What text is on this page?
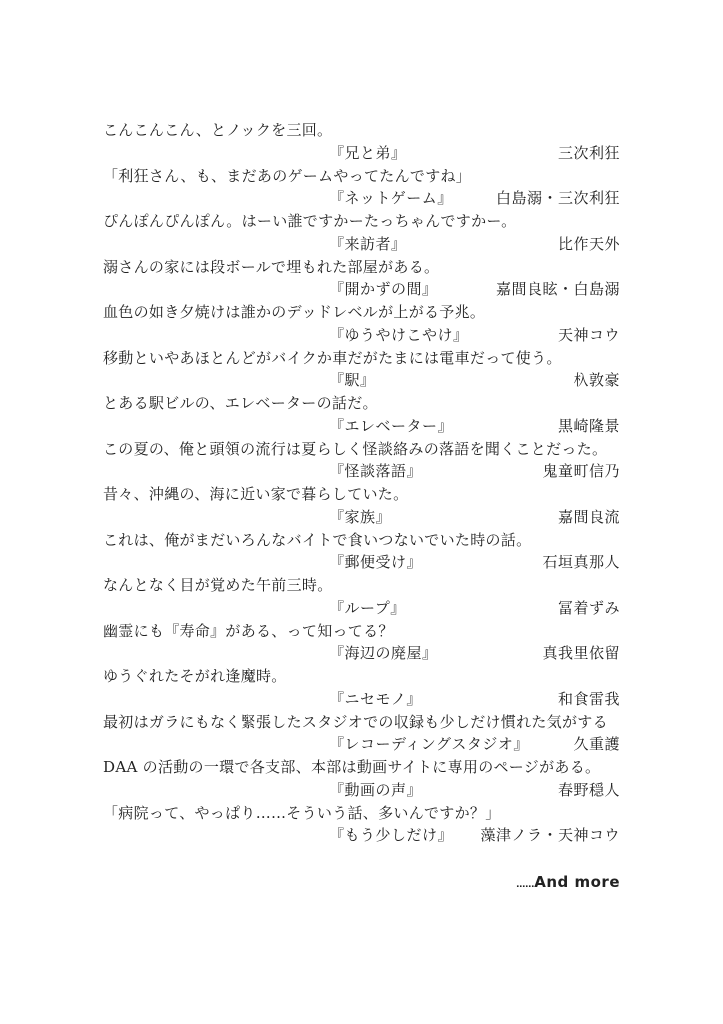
こんこんこん、とノックを三回。
『兄と弟』	三次利狂
「利狂さん、も、まだあのゲームやってたんですね」
『ネットゲーム』	白島溺・三次利狂
ぴんぽんぴんぽん。はーい誰ですかーたっちゃんですかー。
『来訪者』	比作天外
溺さんの家には段ボールで埋もれた部屋がある。
『開かずの間』	嘉間良眩・白島溺
血色の如き夕焼けは誰かのデッドレベルが上がる予兆。
『ゆうやけこやけ』	天神コウ
移動といやあほとんどがバイクか車だがたまには電車だって使う。
『駅』	杁敦豪
とある駅ビルの、エレベーターの話だ。
『エレベーター』	黒崎隆景
この夏の、俺と頭領の流行は夏らしく怪談絡みの落語を聞くことだった。
『怪談落語』	鬼童町信乃
昔々、沖縄の、海に近い家で暮らしていた。
『家族』	嘉間良流
これは、俺がまだいろんなバイトで食いつないでいた時の話。
『郵便受け』	石垣真那人
なんとなく目が覚めた午前三時。
『ループ』	冨着ずみ
幽霊にも『寿命』がある、って知ってる？
『海辺の廃屋』	真我里依留
ゆうぐれたそがれ逢魔時。
『ニセモノ』	和食雷我
最初はガラにもなく緊張したスタジオでの収録も少しだけ慣れた気がする
『レコーディングスタジオ』	久重護
DAA の活動の一環で各支部、本部は動画サイトに専用のページがある。
『動画の声』	春野穏人
「病院って、やっぱり……そういう話、多いんですか？」
『もう少しだけ』 藻津ノラ・天神コウ
……And more
